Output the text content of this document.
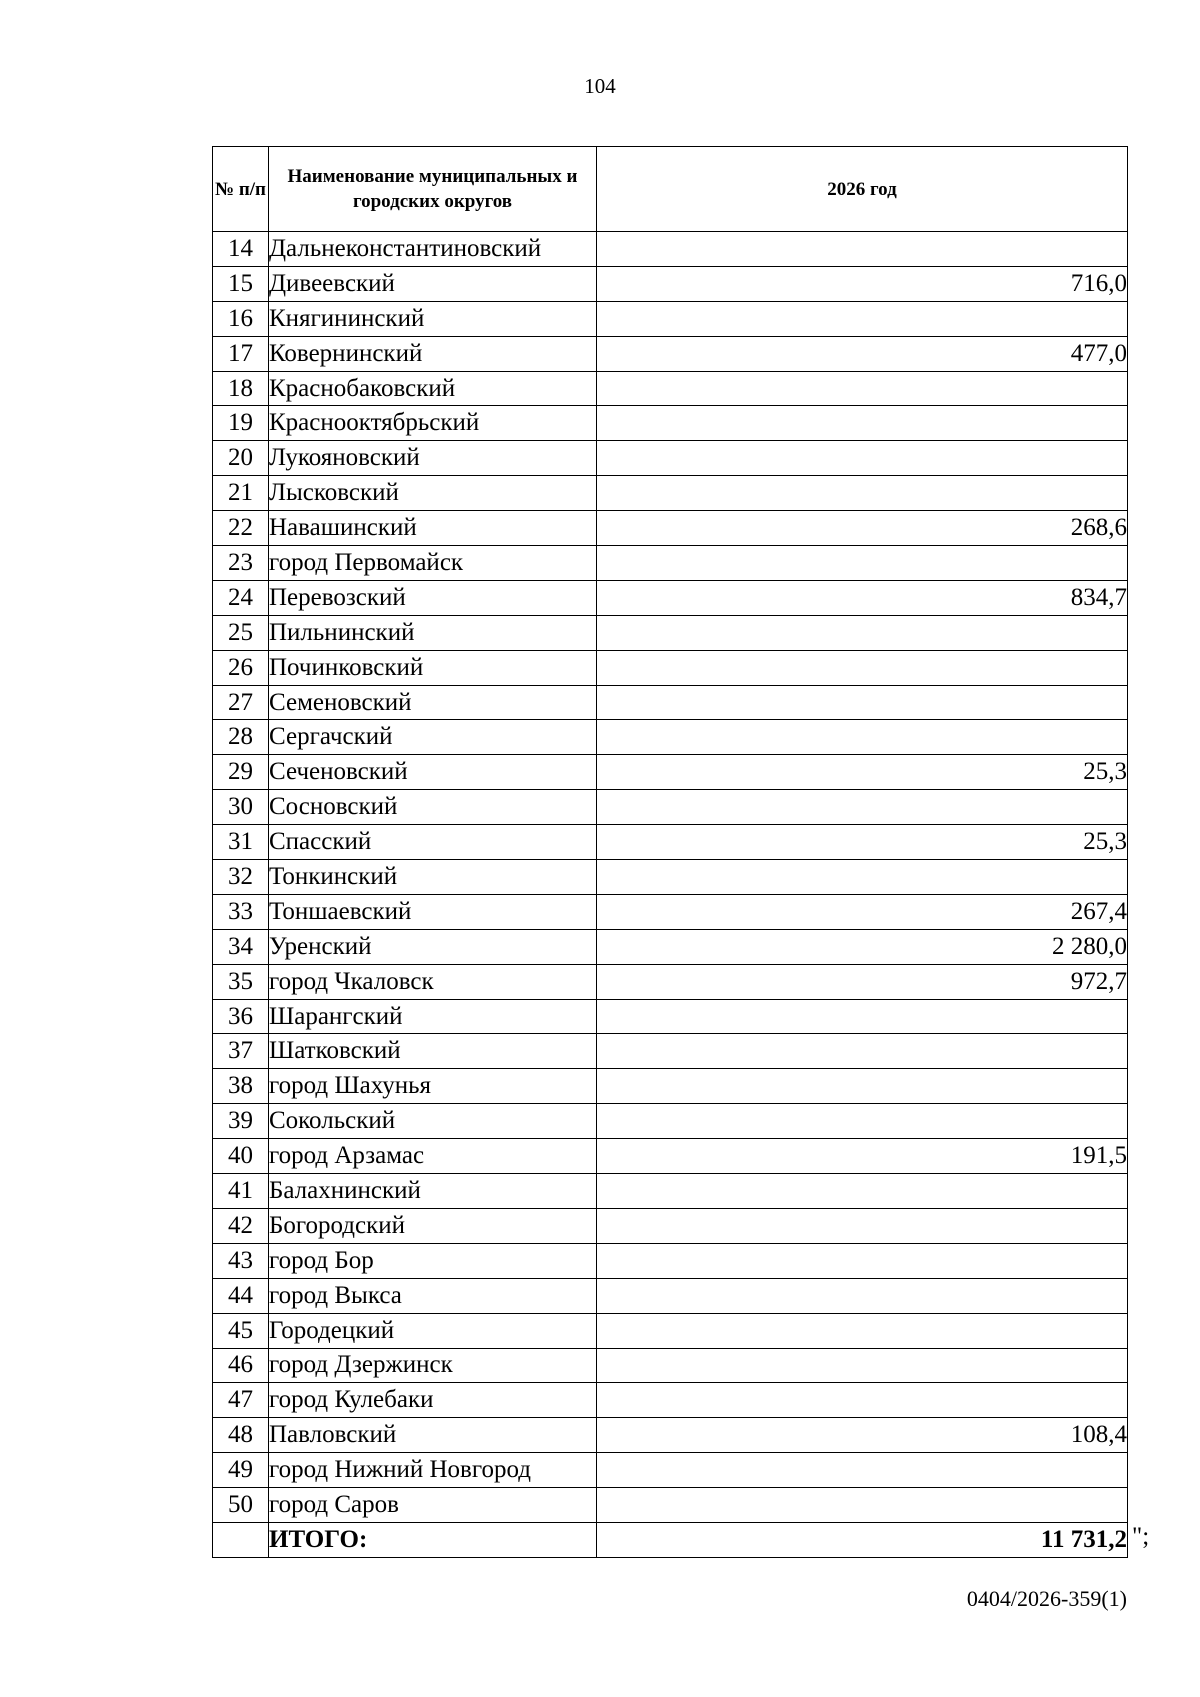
104
№ п/п	Наименование муниципальных и городских округов	2026 год
14	Дальнеконстантиновский	
15	Дивеевский	716,0
16	Княгининский	
17	Ковернинский	477,0
18	Краснобаковский	
19	Краснооктябрьский	
20	Лукояновский	
21	Лысковский	
22	Навашинский	268,6
23	город Первомайск	
24	Перевозский	834,7
25	Пильнинский	
26	Починковский	
27	Семеновский	
28	Сергачский	
29	Сеченовский	25,3
30	Сосновский	
31	Спасский	25,3
32	Тонкинский	
33	Тоншаевский	267,4
34	Уренский	2 280,0
35	город Чкаловск	972,7
36	Шарангский	
37	Шатковский	
38	город Шахунья	
39	Сокольский	
40	город Арзамас	191,5
41	Балахнинский	
42	Богородский	
43	город Бор	
44	город Выкса	
45	Городецкий	
46	город Дзержинск	
47	город Кулебаки	
48	Павловский	108,4
49	город Нижний Новгород	
50	город Саров	
	ИТОГО:	11 731,2 ";
0404/2026-359(1)
